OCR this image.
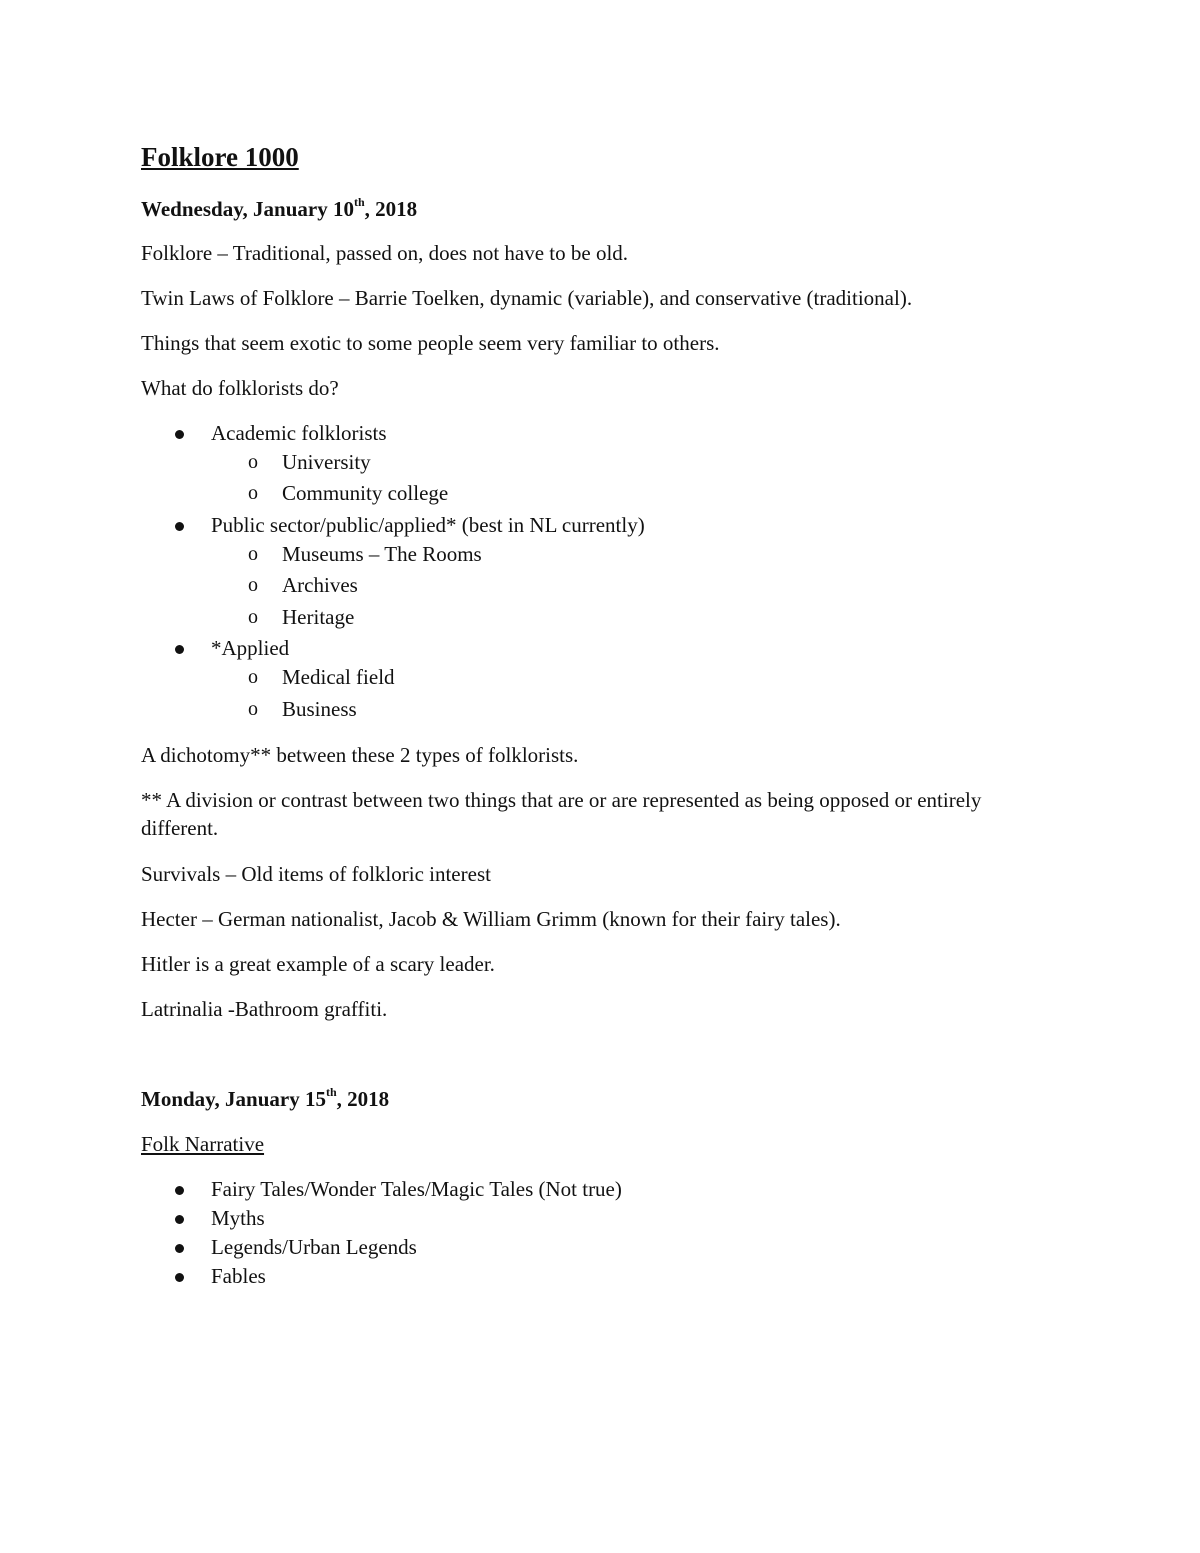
Folklore 1000
Wednesday, January 10th, 2018
Folklore – Traditional, passed on, does not have to be old.
Twin Laws of Folklore – Barrie Toelken, dynamic (variable), and conservative (traditional).
Things that seem exotic to some people seem very familiar to others.
What do folklorists do?
Academic folklorists
o University
o Community college
Public sector/public/applied* (best in NL currently)
o Museums – The Rooms
o Archives
o Heritage
*Applied
o Medical field
o Business
A dichotomy** between these 2 types of folklorists.
** A division or contrast between two things that are or are represented as being opposed or entirely different.
Survivals – Old items of folkloric interest
Hecter – German nationalist, Jacob & William Grimm (known for their fairy tales).
Hitler is a great example of a scary leader.
Latrinalia -Bathroom graffiti.
Monday, January 15th, 2018
Folk Narrative
Fairy Tales/Wonder Tales/Magic Tales (Not true)
Myths
Legends/Urban Legends
Fables
